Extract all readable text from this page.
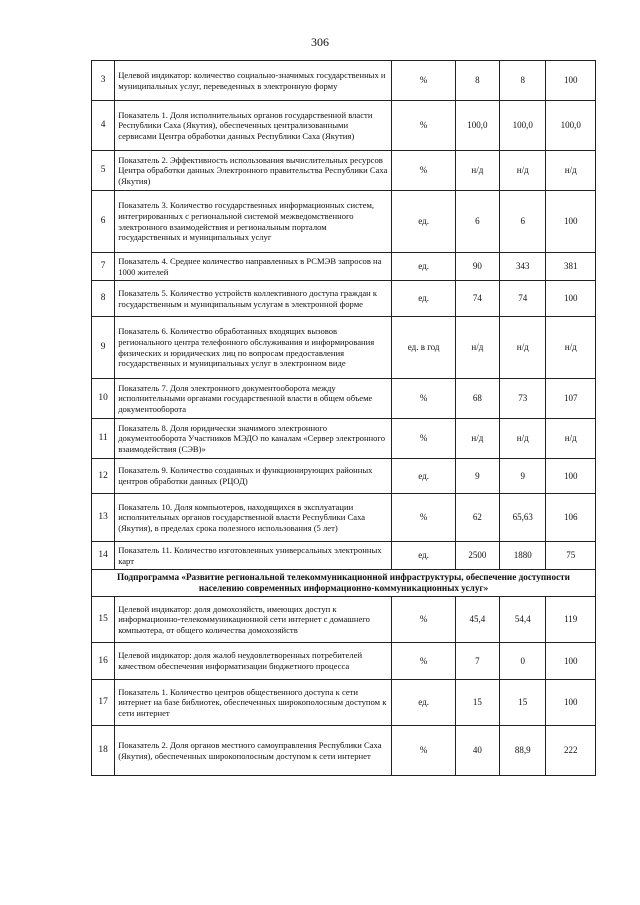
306
3	Целевой индикатор: количество социально-значимых государственных и муниципальных услуг, переведенных в электронную форму	%	8	8	100
4	Показатель 1. Доля исполнительных органов государственной власти Республики Саха (Якутия), обеспеченных централизованными сервисами Центра обработки данных Республики Саха (Якутия)	%	100,0	100,0	100,0
5	Показатель 2. Эффективность использования вычислительных ресурсов Центра обработки данных Электронного правительства Республики Саха (Якутия)	%	н/д	н/д	н/д
6	Показатель 3. Количество государственных информационных систем, интегрированных с региональной системой межведомственного электронного взаимодействия и региональным порталом государственных и муниципальных услуг	ед.	6	6	100
7	Показатель 4. Среднее количество направленных в РСМЭВ запросов на 1000 жителей	ед.	90	343	381
8	Показатель 5. Количество устройств коллективного доступа граждан к государственным и муниципальным услугам в электронной форме	ед.	74	74	100
9	Показатель 6. Количество обработанных входящих вызовов регионального центра телефонного обслуживания и информирования физических и юридических лиц по вопросам предоставления государственных и муниципальных услуг в электронном виде	ед. в год	н/д	н/д	н/д
10	Показатель 7. Доля электронного документооборота между исполнительными органами государственной власти в общем объеме документооборота	%	68	73	107
11	Показатель 8. Доля юридически значимого электронного документооборота Участников МЭДО по каналам «Сервер электронного взаимодействия (СЭВ)»	%	н/д	н/д	н/д
12	Показатель 9. Количество созданных и функционирующих районных центров обработки данных (РЦОД)	ед.	9	9	100
13	Показатель 10. Доля компьютеров, находящихся в эксплуатации исполнительных органов государственной власти Республики Саха (Якутия), в пределах срока полезного использования (5 лет)	%	62	65,63	106
14	Показатель 11. Количество изготовленных универсальных электронных карт	ед.	2500	1880	75
Подпрограмма «Развитие региональной телекоммуникационной инфраструктуры, обеспечение доступности населению современных информационно-коммуникационных услуг»					
15	Целевой индикатор: доля домохозяйств, имеющих доступ к информационно-телекоммуникационной сети интернет с домашнего компьютера, от общего количества домохозяйств	%	45,4	54,4	119
16	Целевой индикатор: доля жалоб неудовлетворенных потребителей качеством обеспечения информатизации бюджетного процесса	%	7	0	100
17	Показатель 1. Количество центров общественного доступа к сети интернет на базе библиотек, обеспеченных широкополосным доступом к сети интернет	ед.	15	15	100
18	Показатель 2. Доля органов местного самоуправления Республики Саха (Якутия), обеспеченных широкополосным доступом к сети интернет	%	40	88,9	222
